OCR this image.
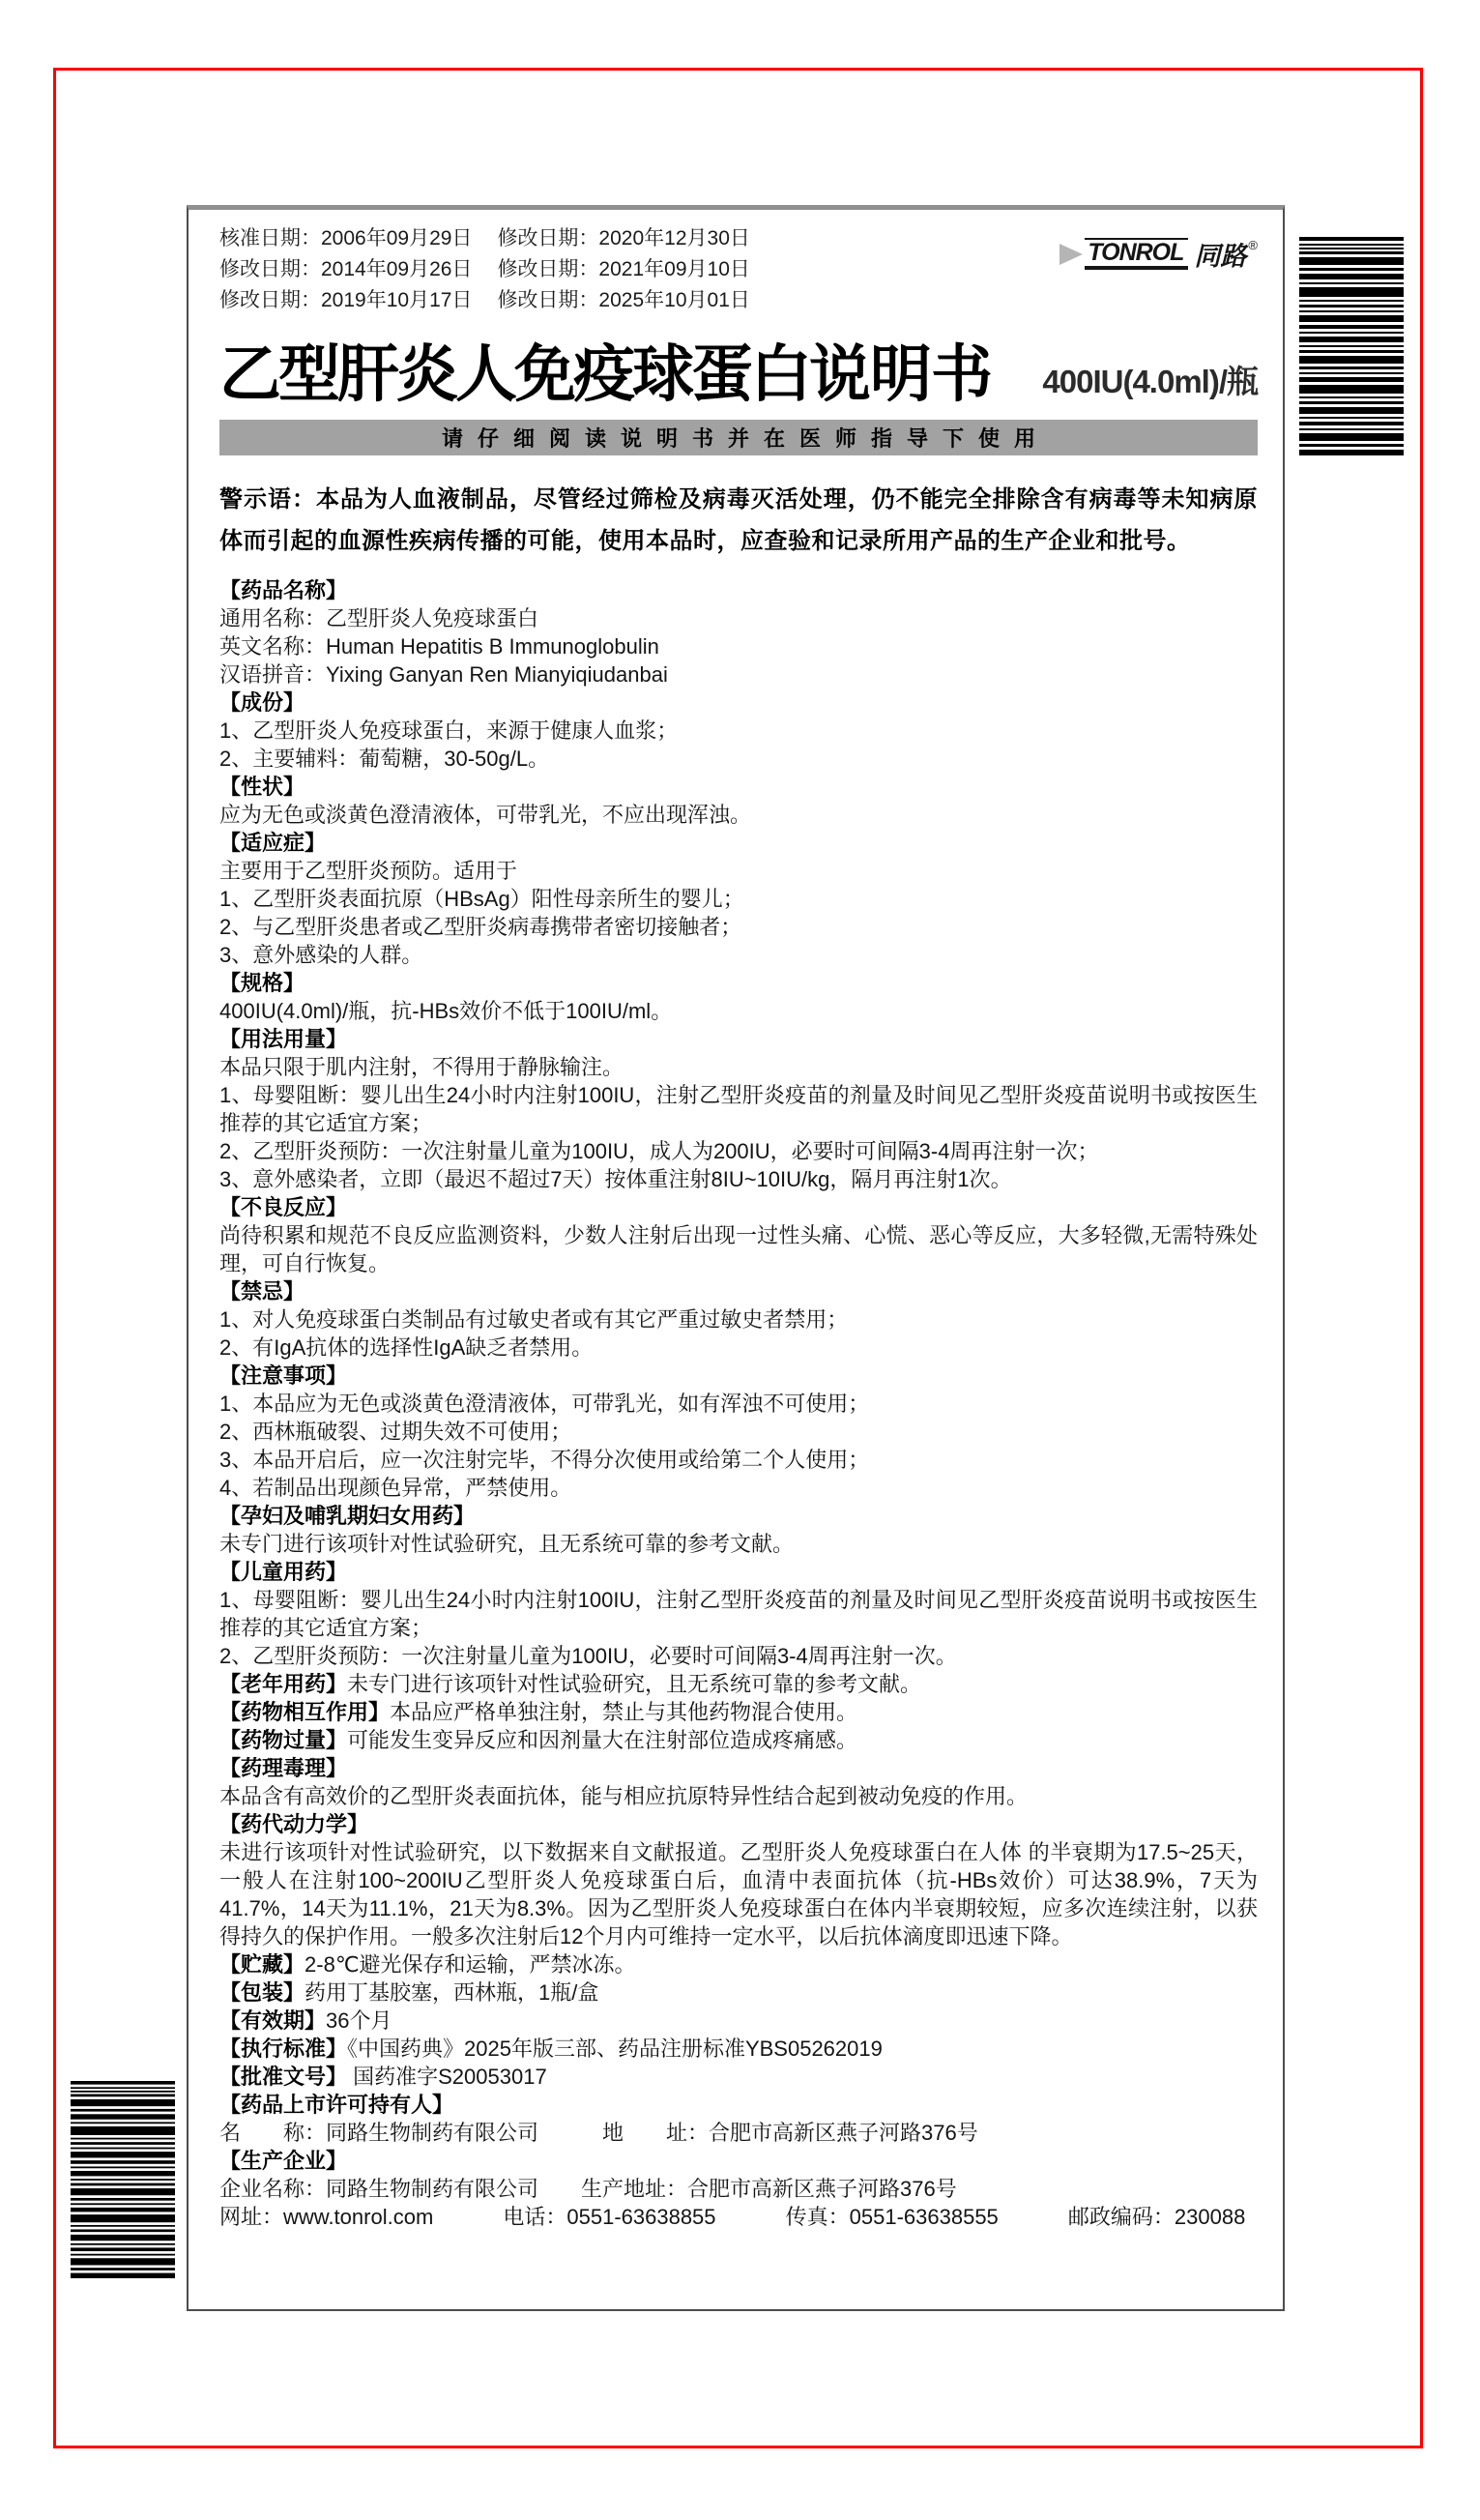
核准日期：2006年09月29日 修改日期：2020年12月30日
修改日期：2014年09月26日 修改日期：2021年09月10日
修改日期：2019年10月17日 修改日期：2025年10月01日
TONROL 同路 ®
乙型肝炎人免疫球蛋白说明书 400IU(4.0ml)/瓶
请仔细阅读说明书并在医师指导下使用
警示语：本品为人血液制品，尽管经过筛检及病毒灭活处理，仍不能完全排除含有病毒等未知病原体而引起的血源性疾病传播的可能，使用本品时，应查验和记录所用产品的生产企业和批号。
【药品名称】
通用名称：乙型肝炎人免疫球蛋白
英文名称：Human Hepatitis B Immunoglobulin
汉语拼音：Yixing Ganyan Ren Mianyiqiudanbai
【成份】
1、乙型肝炎人免疫球蛋白，来源于健康人血浆；
2、主要辅料：葡萄糖，30-50g/L。
【性状】
应为无色或淡黄色澄清液体，可带乳光，不应出现浑浊。
【适应症】
主要用于乙型肝炎预防。适用于
1、乙型肝炎表面抗原（HBsAg）阳性母亲所生的婴儿；
2、与乙型肝炎患者或乙型肝炎病毒携带者密切接触者；
3、意外感染的人群。
【规格】
400IU(4.0ml)/瓶，抗-HBs效价不低于100IU/ml。
【用法用量】
本品只限于肌内注射，不得用于静脉输注。
1、母婴阻断：婴儿出生24小时内注射100IU，注射乙型肝炎疫苗的剂量及时间见乙型肝炎疫苗说明书或按医生推荐的其它适宜方案；
2、乙型肝炎预防：一次注射量儿童为100IU，成人为200IU，必要时可间隔3-4周再注射一次；
3、意外感染者，立即（最迟不超过7天）按体重注射8IU~10IU/kg，隔月再注射1次。
【不良反应】
尚待积累和规范不良反应监测资料，少数人注射后出现一过性头痛、心慌、恶心等反应，大多轻微,无需特殊处理，可自行恢复。
【禁忌】
1、对人免疫球蛋白类制品有过敏史者或有其它严重过敏史者禁用；
2、有IgA抗体的选择性IgA缺乏者禁用。
【注意事项】
1、本品应为无色或淡黄色澄清液体，可带乳光，如有浑浊不可使用；
2、西林瓶破裂、过期失效不可使用；
3、本品开启后，应一次注射完毕，不得分次使用或给第二个人使用；
4、若制品出现颜色异常，严禁使用。
【孕妇及哺乳期妇女用药】
未专门进行该项针对性试验研究，且无系统可靠的参考文献。
【儿童用药】
1、母婴阻断：婴儿出生24小时内注射100IU，注射乙型肝炎疫苗的剂量及时间见乙型肝炎疫苗说明书或按医生推荐的其它适宜方案；
2、乙型肝炎预防：一次注射量儿童为100IU，必要时可间隔3-4周再注射一次。
【老年用药】未专门进行该项针对性试验研究，且无系统可靠的参考文献。
【药物相互作用】本品应严格单独注射，禁止与其他药物混合使用。
【药物过量】可能发生变异反应和因剂量大在注射部位造成疼痛感。
【药理毒理】
本品含有高效价的乙型肝炎表面抗体，能与相应抗原特异性结合起到被动免疫的作用。
【药代动力学】
未进行该项针对性试验研究，以下数据来自文献报道。乙型肝炎人免疫球蛋白在人体 的半衰期为17.5~25天，一般人在注射100~200IU乙型肝炎人免疫球蛋白后，血清中表面抗体（抗-HBs效价）可达38.9%，7天为41.7%，14天为11.1%，21天为8.3%。因为乙型肝炎人免疫球蛋白在体内半衰期较短，应多次连续注射，以获得持久的保护作用。一般多次注射后12个月内可维持一定水平，以后抗体滴度即迅速下降。
【贮藏】2-8℃避光保存和运输，严禁冰冻。
【包装】药用丁基胶塞，西林瓶，1瓶/盒
【有效期】36个月
【执行标准】《中国药典》2025年版三部、药品注册标准YBS05262019
【批准文号】 国药准字S20053017
【药品上市许可持有人】
名　　称：同路生物制药有限公司　　　地　　址：合肥市高新区燕子河路376号
【生产企业】
企业名称：同路生物制药有限公司　　生产地址：合肥市高新区燕子河路376号
网址：www.tonrol.com　　　 电话：0551-63638855　　　 传真：0551-63638555　　　 邮政编码：230088
